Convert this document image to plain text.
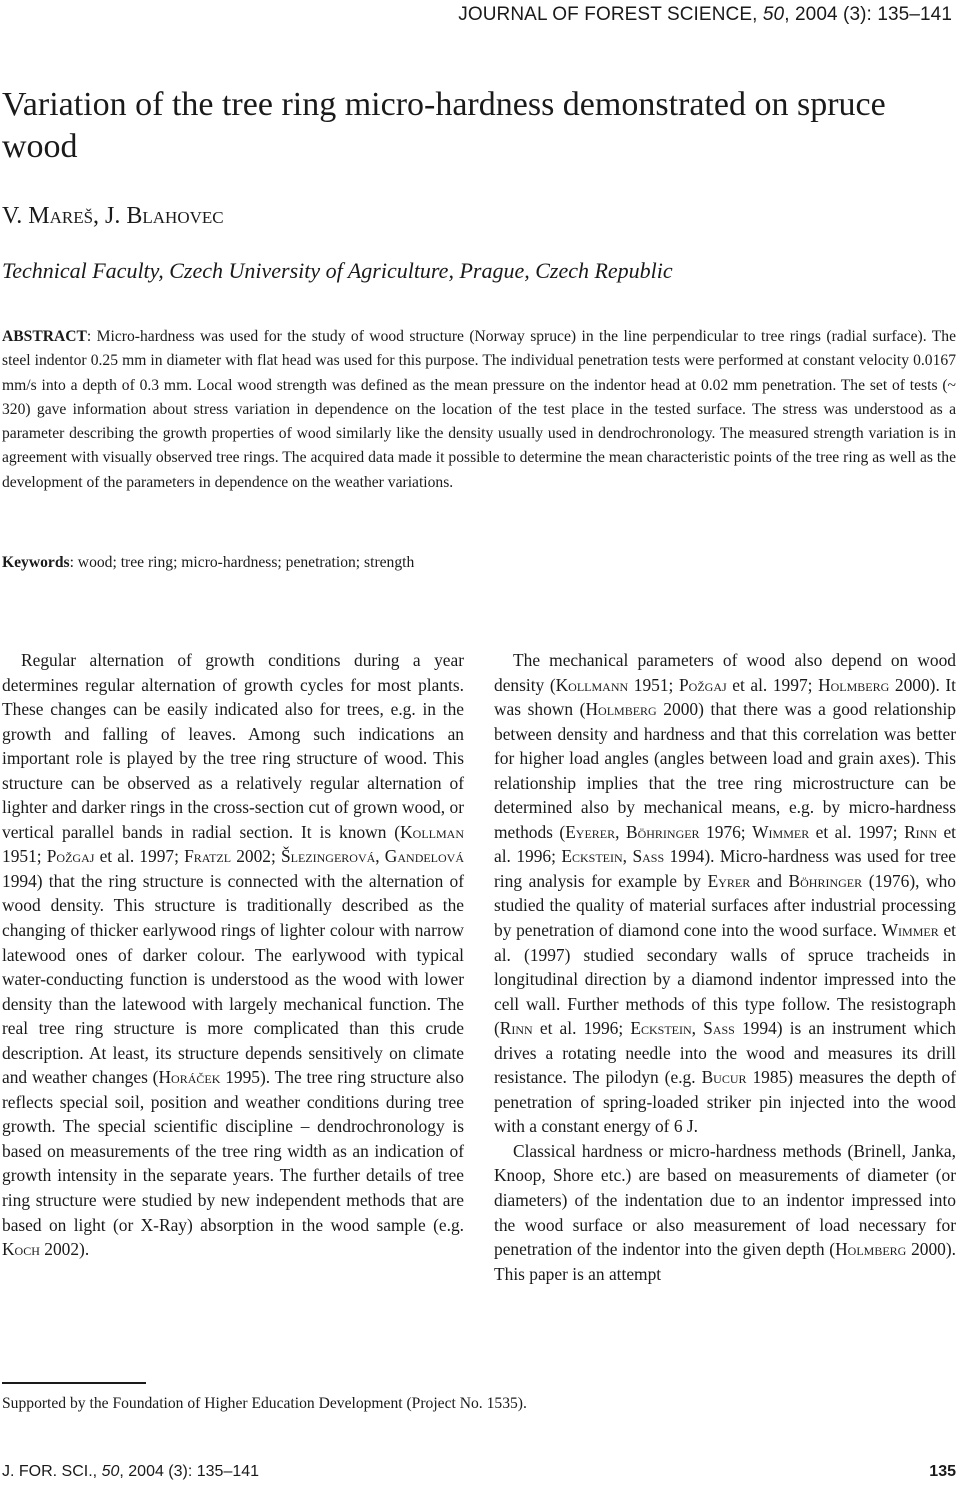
JOURNAL OF FOREST SCIENCE, 50, 2004 (3): 135–141
Variation of the tree ring micro-hardness demonstrated on spruce wood
V. Mareš, J. Blahovec
Technical Faculty, Czech University of Agriculture, Prague, Czech Republic

ABSTRACT: Micro-hardness was used for the study of wood structure (Norway spruce) in the line perpendicular to tree rings (radial surface). The steel indentor 0.25 mm in diameter with flat head was used for this purpose. The individual penetration tests were performed at constant velocity 0.0167 mm/s into a depth of 0.3 mm. Local wood strength was defined as the mean pressure on the indentor head at 0.02 mm penetration. The set of tests (~ 320) gave information about stress variation in dependence on the location of the test place in the tested surface. The stress was understood as a parameter describing the growth properties of wood similarly like the density usually used in dendrochronology. The measured strength variation is in agreement with visually observed tree rings. The acquired data made it possible to determine the mean characteristic points of the tree ring as well as the development of the parameters in dependence on the weather variations.

Keywords: wood; tree ring; micro-hardness; penetration; strength

Regular alternation of growth conditions during a year determines regular alternation of growth cycles for most plants. These changes can be easily indicated also for trees, e.g. in the growth and falling of leaves. Among such indications an important role is played by the tree ring structure of wood. This structure can be observed as a relatively regular alternation of lighter and darker rings in the cross-section cut of grown wood, or vertical parallel bands in radial section. It is known (Kollman 1951; Požgaj et al. 1997; Fratzl 2002; Šlezingerová, Gandelová 1994) that the ring structure is connected with the alternation of wood density. This structure is traditionally described as the changing of thicker earlywood rings of lighter colour with narrow latewood ones of darker colour. The earlywood with typical water-conducting function is understood as the wood with lower density than the latewood with largely mechanical function. The real tree ring structure is more complicated than this crude description. At least, its structure depends sensitively on climate and weather changes (Horáček 1995). The tree ring structure also reflects special soil, position and weather conditions during tree growth. The special scientific discipline – dendrochronology is based on measurements of the tree ring width as an indication of growth intensity in the separate years. The further details of tree ring structure were studied by new independent methods that are based on light (or X-Ray) absorption in the wood sample (e.g. Koch 2002).

The mechanical parameters of wood also depend on wood density (Kollmann 1951; Požgaj et al. 1997; Holmberg 2000). It was shown (Holmberg 2000) that there was a good relationship between density and hardness and that this correlation was better for higher load angles (angles between load and grain axes). This relationship implies that the tree ring microstructure can be determined also by mechanical means, e.g. by micro-hardness methods (Eyerer, Böhringer 1976; Wimmer et al. 1997; Rinn et al. 1996; Eckstein, Saß 1994). Micro-hardness was used for tree ring analysis for example by Eyrer and Böhringer (1976), who studied the quality of material surfaces after industrial processing by penetration of diamond cone into the wood surface. Wimmer et al. (1997) studied secondary walls of spruce tracheids in longitudinal direction by a diamond indentor impressed into the cell wall. Further methods of this type follow. The resistograph (Rinn et al. 1996; Eckstein, Saß 1994) is an instrument which drives a rotating needle into the wood and measures its drill resistance. The pilodyn (e.g. Bucur 1985) measures the depth of penetration of spring-loaded striker pin injected into the wood with a constant energy of 6 J.

Classical hardness or micro-hardness methods (Brinell, Janka, Knoop, Shore etc.) are based on measurements of diameter (or diameters) of the indentation due to an indentor impressed into the wood surface or also measurement of load necessary for penetration of the indentor into the given depth (Holmberg 2000). This paper is an attempt

Supported by the Foundation of Higher Education Development (Project No. 1535).
J. FOR. SCI., 50, 2004 (3): 135–141	135
